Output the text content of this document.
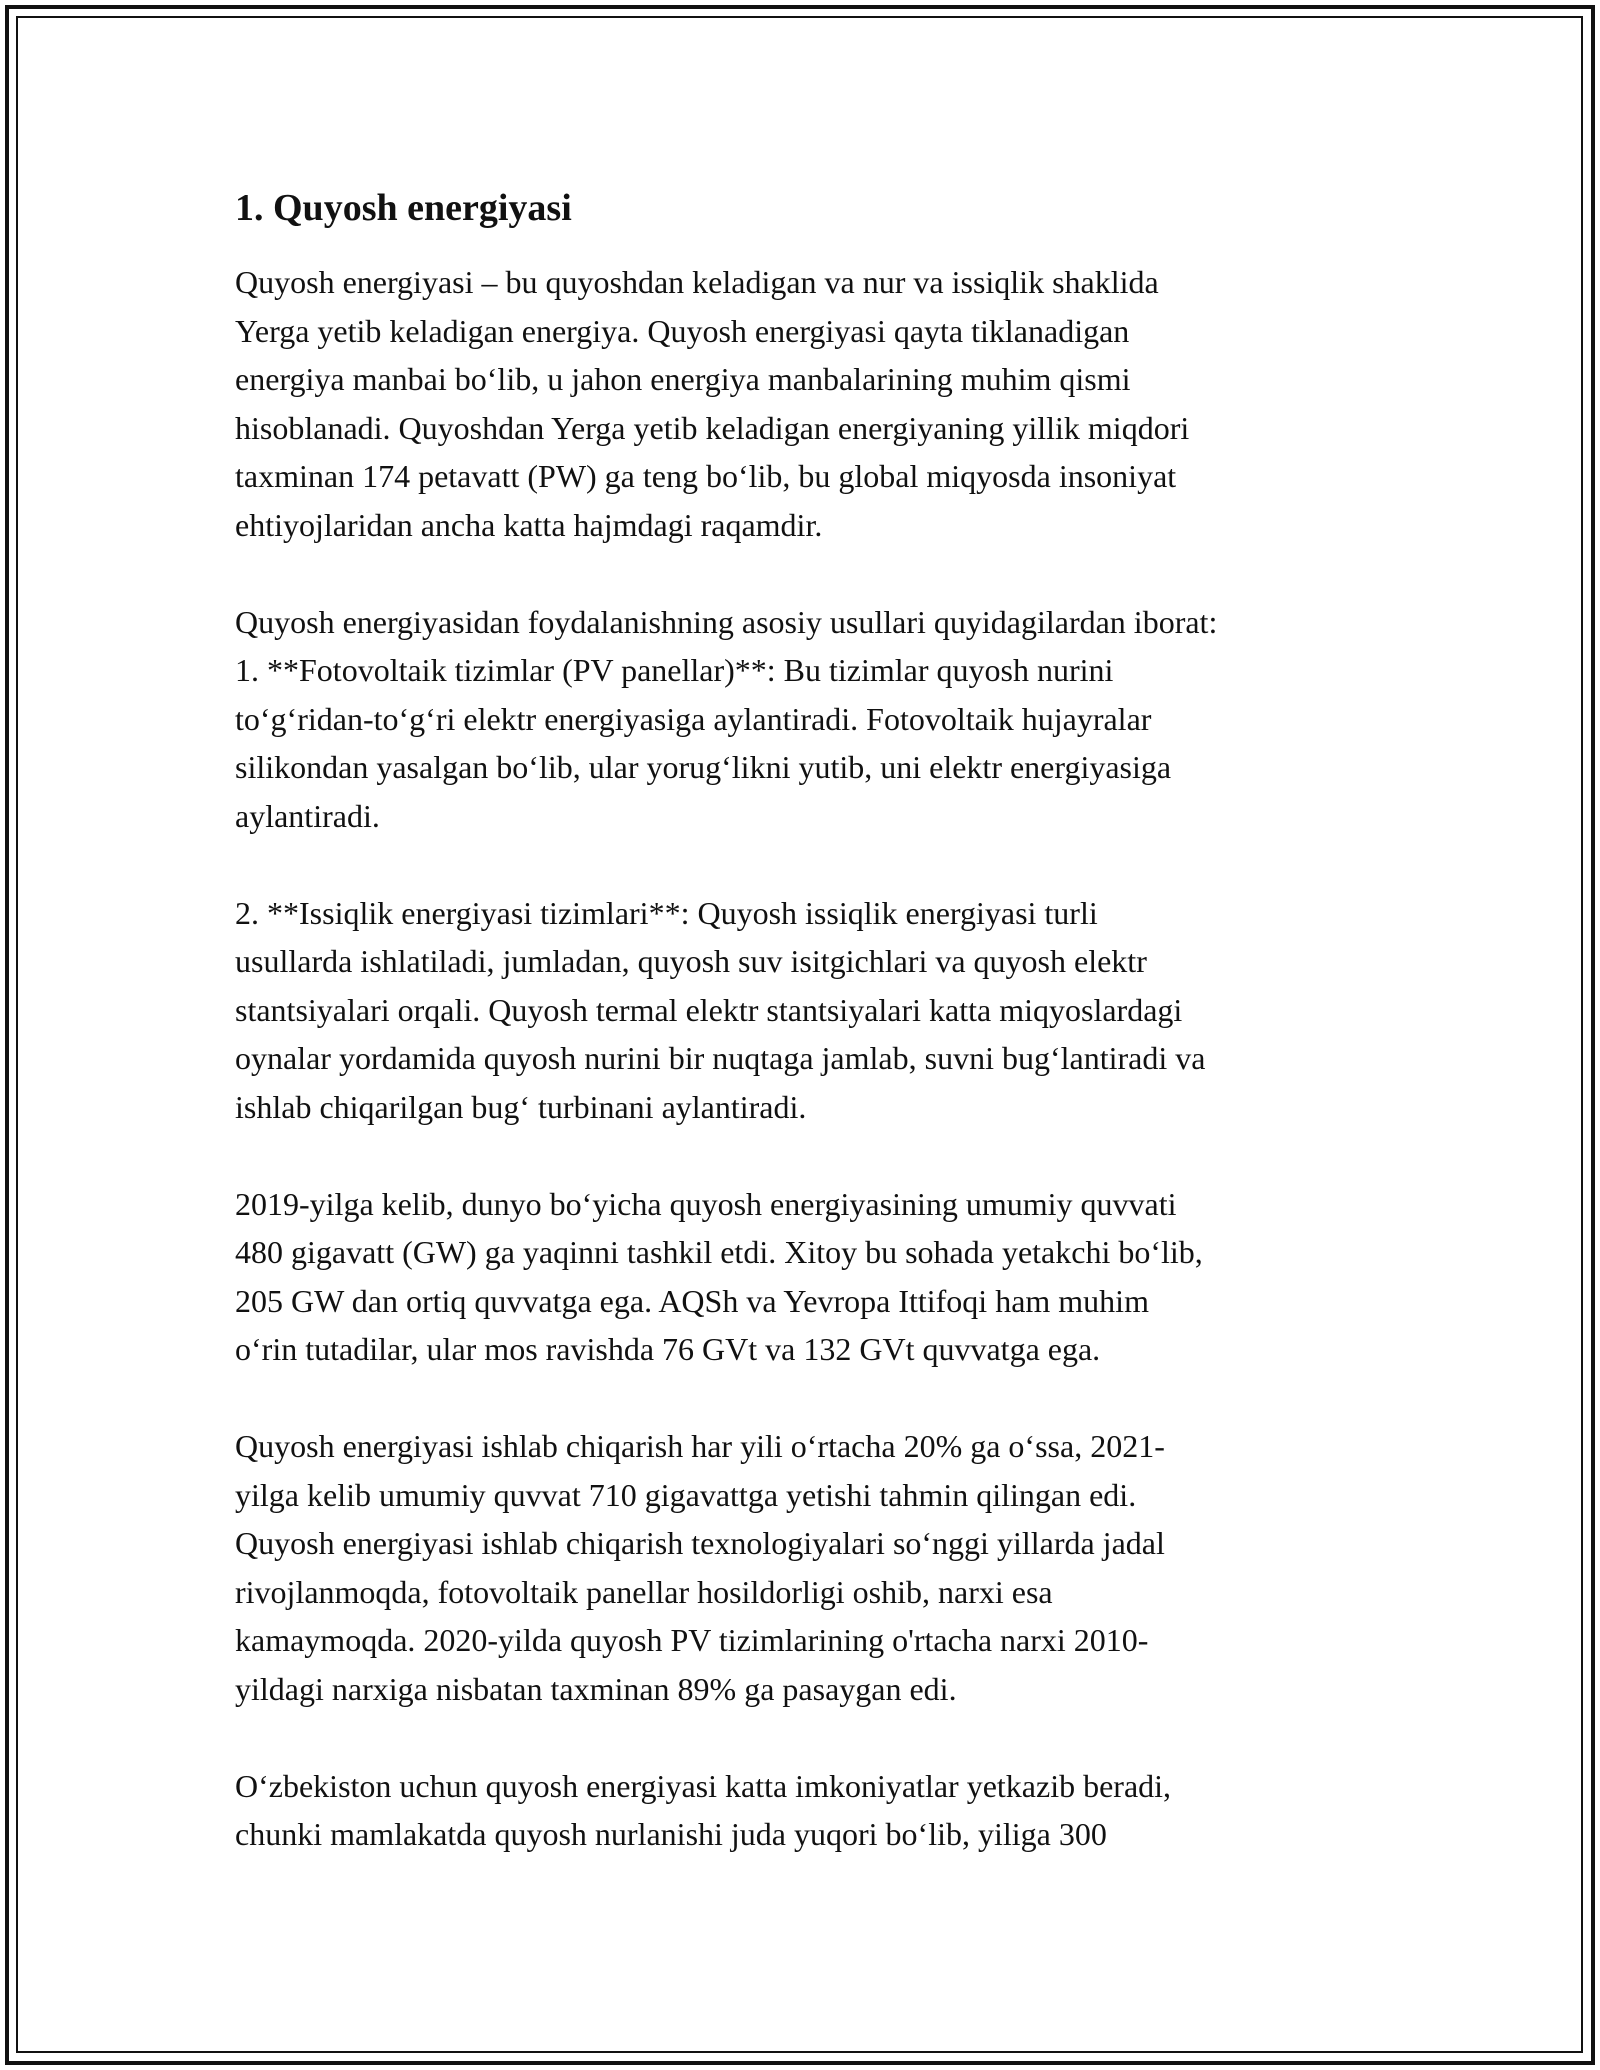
1. Quyosh energiyasi

Quyosh energiyasi – bu quyoshdan keladigan va nur va issiqlik shaklida
Yerga yetib keladigan energiya. Quyosh energiyasi qayta tiklanadigan
energiya manbai bo‘lib, u jahon energiya manbalarining muhim qismi
hisoblanadi. Quyoshdan Yerga yetib keladigan energiyaning yillik miqdori
taxminan 174 petavatt (PW) ga teng bo‘lib, bu global miqyosda insoniyat
ehtiyojlaridan ancha katta hajmdagi raqamdir.

Quyosh energiyasidan foydalanishning asosiy usullari quyidagilardan iborat:
1. **Fotovoltaik tizimlar (PV panellar)**: Bu tizimlar quyosh nurini
to‘g‘ridan-to‘g‘ri elektr energiyasiga aylantiradi. Fotovoltaik hujayralar
silikondan yasalgan bo‘lib, ular yorug‘likni yutib, uni elektr energiyasiga
aylantiradi.

2. **Issiqlik energiyasi tizimlari**: Quyosh issiqlik energiyasi turli
usullarda ishlatiladi, jumladan, quyosh suv isitgichlari va quyosh elektr
stantsiyalari orqali. Quyosh termal elektr stantsiyalari katta miqyoslardagi
oynalar yordamida quyosh nurini bir nuqtaga jamlab, suvni bug‘lantiradi va
ishlab chiqarilgan bug‘ turbinani aylantiradi.

2019-yilga kelib, dunyo bo‘yicha quyosh energiyasining umumiy quvvati
480 gigavatt (GW) ga yaqinni tashkil etdi. Xitoy bu sohada yetakchi bo‘lib,
205 GW dan ortiq quvvatga ega. AQSh va Yevropa Ittifoqi ham muhim
o‘rin tutadilar, ular mos ravishda 76 GVt va 132 GVt quvvatga ega.

Quyosh energiyasi ishlab chiqarish har yili o‘rtacha 20% ga o‘ssa, 2021-
yilga kelib umumiy quvvat 710 gigavattga yetishi tahmin qilingan edi.
Quyosh energiyasi ishlab chiqarish texnologiyalari so‘nggi yillarda jadal
rivojlanmoqda, fotovoltaik panellar hosildorligi oshib, narxi esa
kamaymoqda. 2020-yilda quyosh PV tizimlarining o'rtacha narxi 2010-
yildagi narxiga nisbatan taxminan 89% ga pasaygan edi.

O‘zbekiston uchun quyosh energiyasi katta imkoniyatlar yetkazib beradi,
chunki mamlakatda quyosh nurlanishi juda yuqori bo‘lib, yiliga 300
